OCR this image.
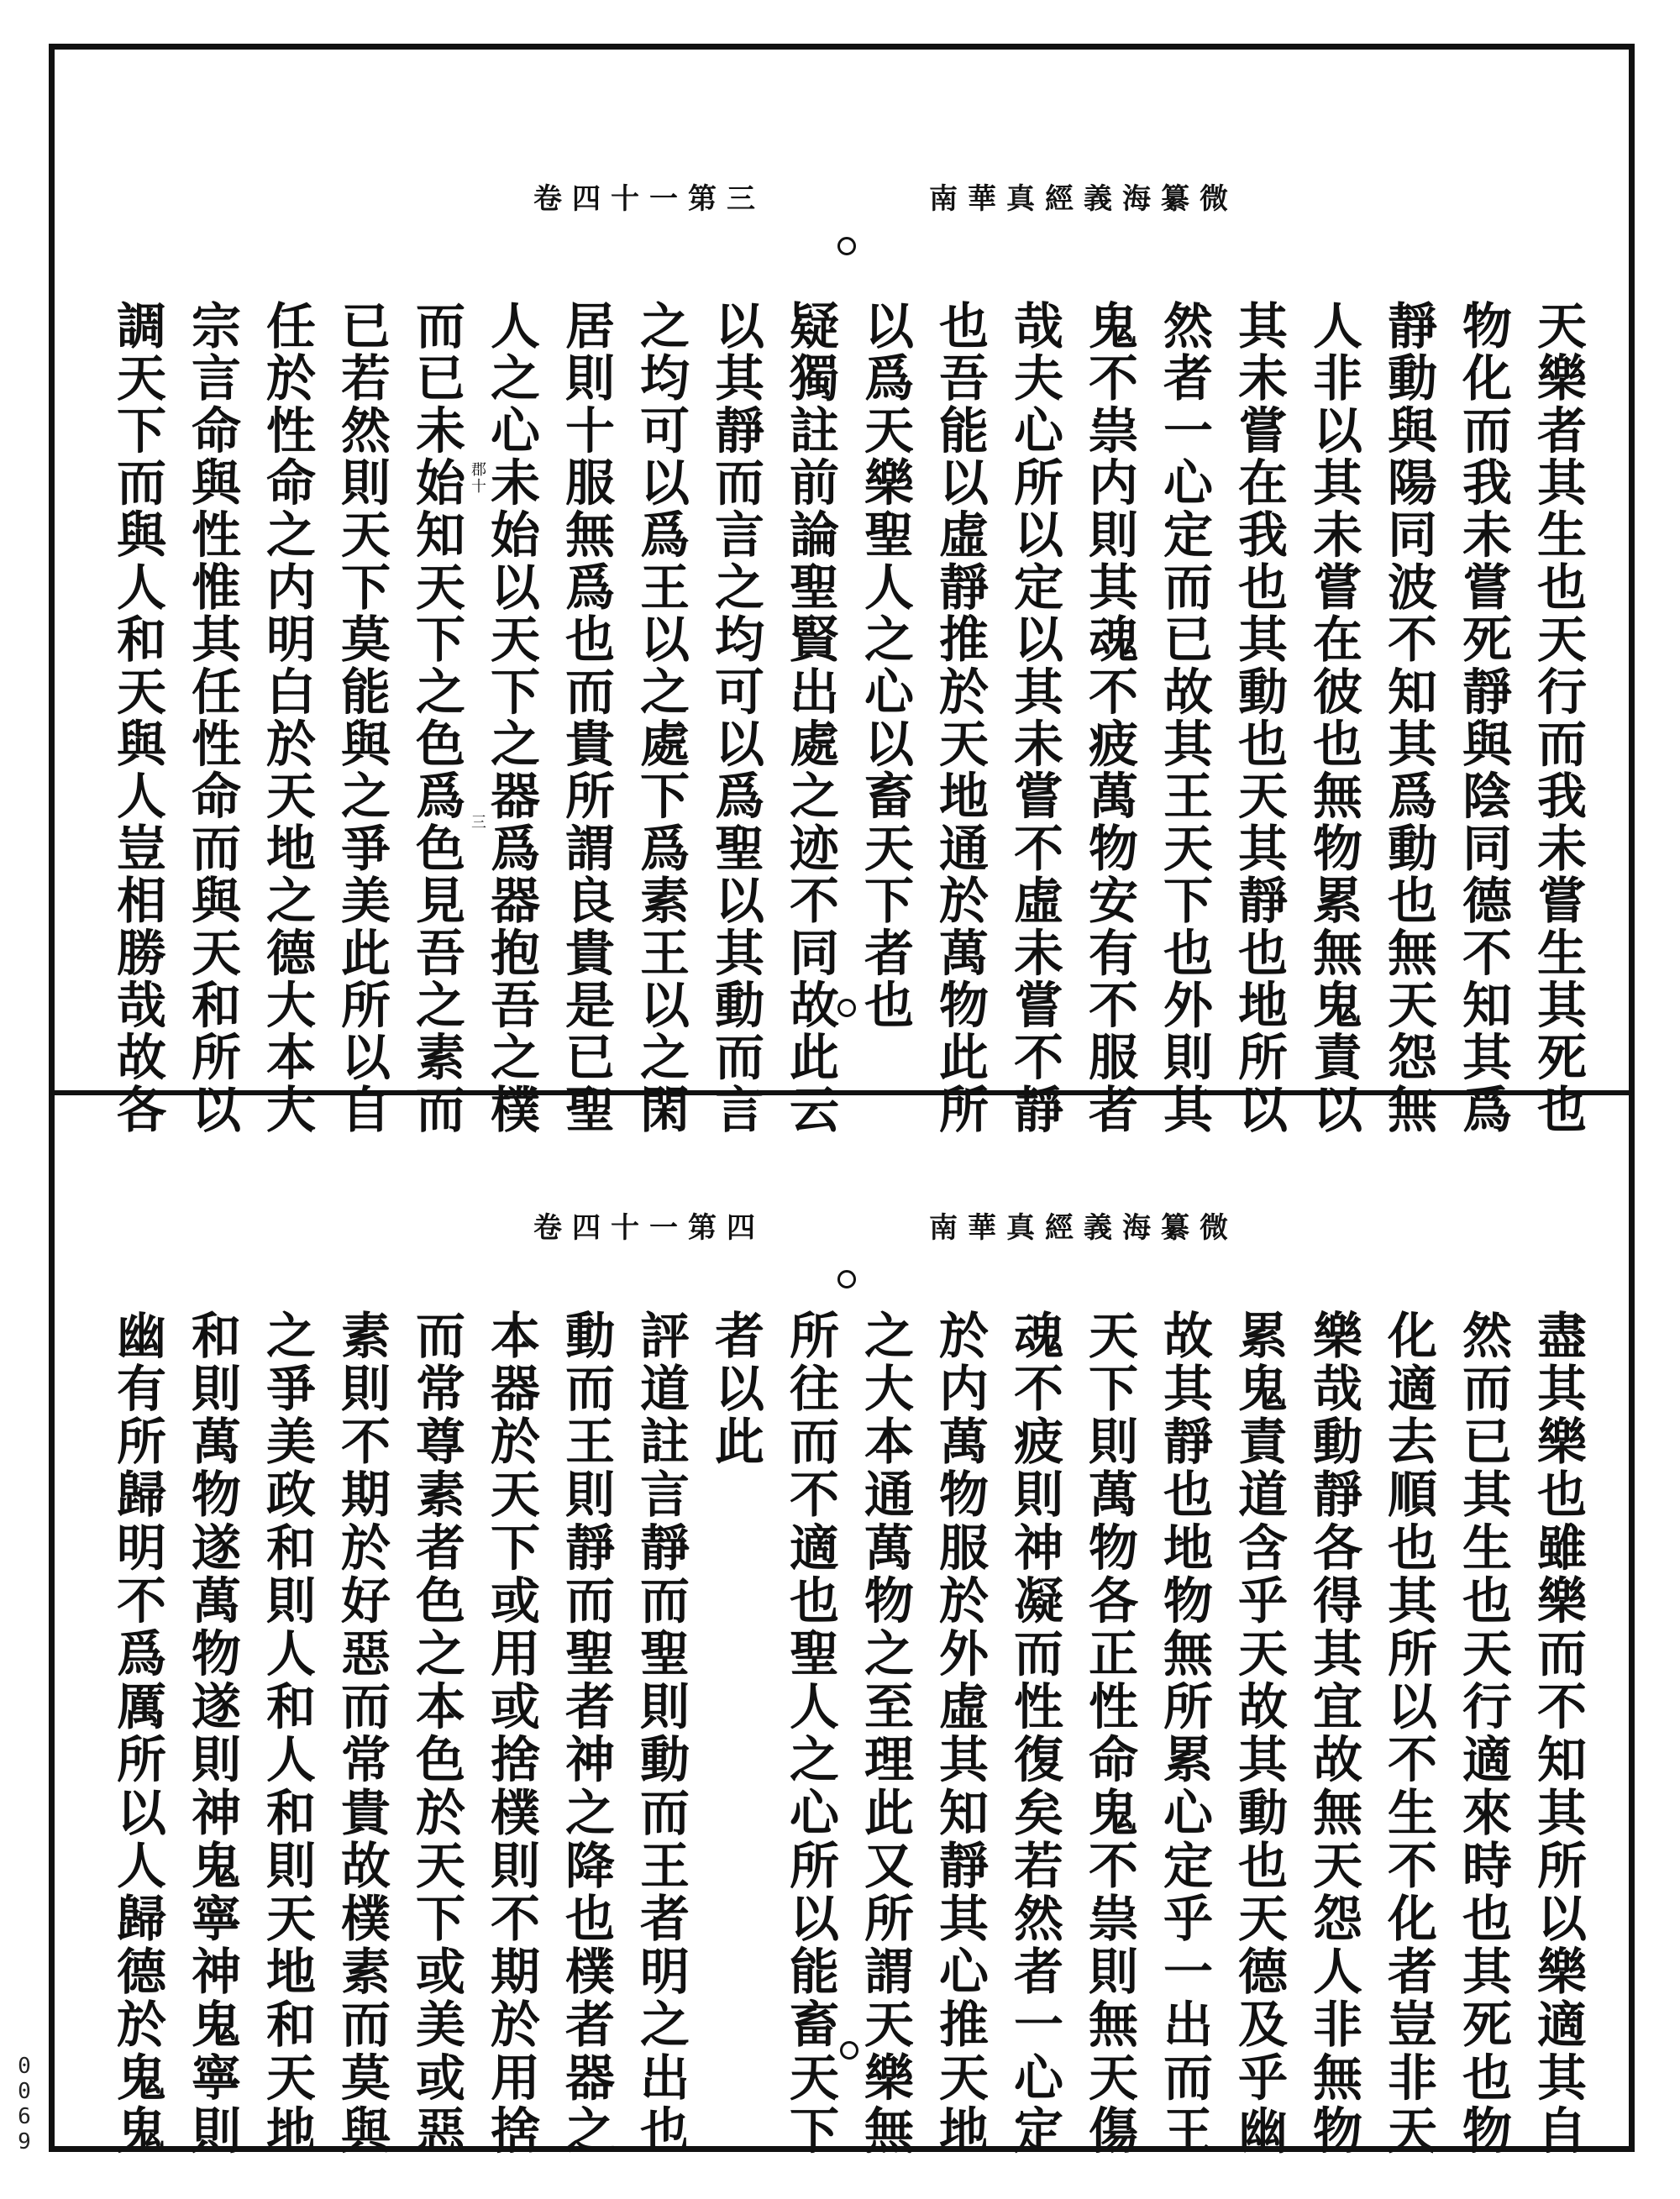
南華真經義海纂微
卷四十一第三
郡
十
三	天樂者其生也天行而我未嘗生其死也
物化而我未嘗死靜與陰同德不知其爲
靜動與陽同波不知其爲動也無天怨無
人非以其未嘗在彼也無物累無鬼責以
其未嘗在我也其動也天其靜也地所以
然者一心定而已故其王天下也外則其
鬼不祟内則其魂不疲萬物安有不服者
哉夫心所以定以其未嘗不虛未嘗不靜
也吾能以虛靜推於天地通於萬物此所
以爲天樂聖人之心以畜天下者也
疑獨註前論聖賢出處之迹不同故此云
以其靜而言之均可以爲聖以其動而言
之均可以爲王以之處下爲素王以之閑
居則十服無爲也而貴所謂良貴是已聖
人之心未始以天下之器爲器抱吾之樸
而已未始知天下之色爲色見吾之素而
已若然則天下莫能與之爭美此所以自
任於性命之内明白於天地之德大本大
宗言命與性惟其任性命而與天和所以
調天下而與人和天與人豈相勝哉故各
南華真經義海纂微
卷四十一第四
盡其樂也雖樂而不知其所以樂適其自
然而已其生也天行適來時也其死也物
化適去順也其所以不生不化者豈非天
樂哉動靜各得其宜故無天怨人非無物
累鬼責道含乎天故其動也天德及乎幽
故其靜也地物無所累心定乎一出而王
天下則萬物各正性命鬼不祟則無天傷
魂不疲則神凝而性復矣若然者一心定
於内萬物服於外虛其知靜其心推天地
之大本通萬物之至理此又所謂天樂無
所往而不適也聖人之心所以能畜天下
者以此
評道註言靜而聖則動而王者明之出也
動而王則靜而聖者神之降也樸者器之
本器於天下或用或捨樸則不期於用捨
而常尊素者色之本色於天下或美或惡
素則不期於好惡而常貴故樸素而莫與
之爭美政和則人和人和則天地和天地
和則萬物遂萬物遂則神鬼寧神鬼寧則
幽有所歸明不爲厲所以人歸德於鬼鬼
0069
